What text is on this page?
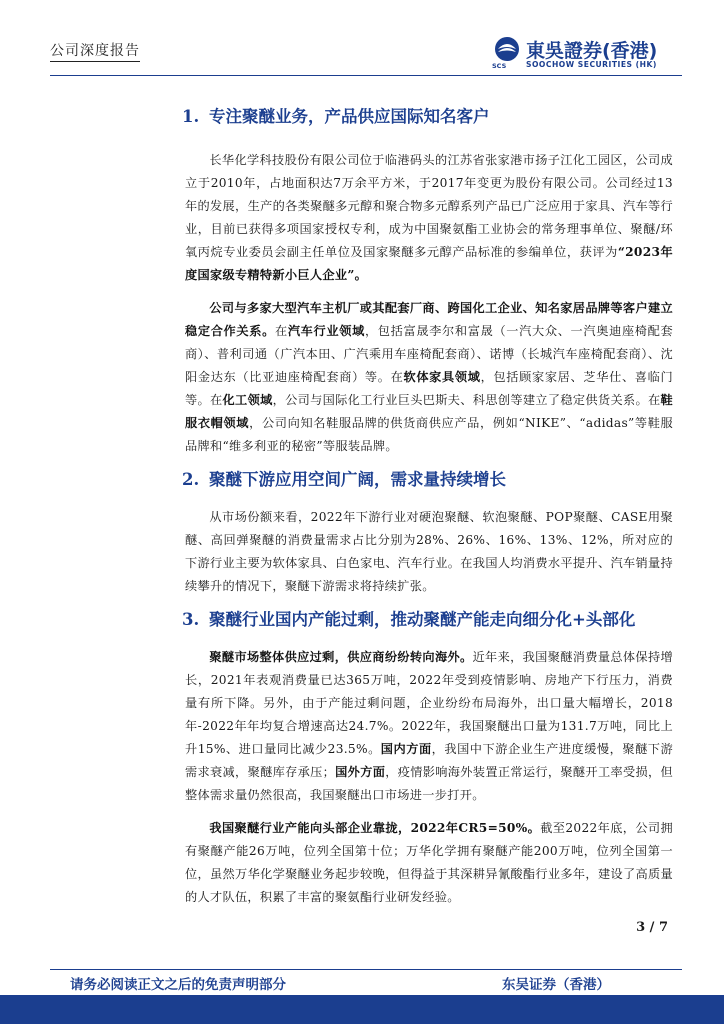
公司深度报告
SCS
東吳證券(香港)
SOOCHOW SECURITIES (HK)
1. 专注聚醚业务，产品供应国际知名客户

长华化学科技股份有限公司位于临港码头的江苏省张家港市扬子江化工园区，公司成立于2010年，占地面积达7万余平方米，于2017年变更为股份有限公司。公司经过13年的发展，生产的各类聚醚多元醇和聚合物多元醇系列产品已广泛应用于家具、汽车等行业，目前已获得多项国家授权专利，成为中国聚氨酯工业协会的常务理事单位、聚醚/环氧丙烷专业委员会副主任单位及国家聚醚多元醇产品标准的参编单位，获评为“2023年度国家级专精特新小巨人企业”。

公司与多家大型汽车主机厂或其配套厂商、跨国化工企业、知名家居品牌等客户建立稳定合作关系。在汽车行业领域，包括富晟李尔和富晟（一汽大众、一汽奥迪座椅配套商）、普利司通（广汽本田、广汽乘用车座椅配套商）、诺博（长城汽车座椅配套商）、沈阳金达东（比亚迪座椅配套商）等。在软体家具领域，包括顾家家居、芝华仕、喜临门等。在化工领域，公司与国际化工行业巨头巴斯夫、科思创等建立了稳定供货关系。在鞋服衣帽领域，公司向知名鞋服品牌的供货商供应产品，例如“NIKE”、“adidas”等鞋服品牌和“维多利亚的秘密”等服装品牌。

2. 聚醚下游应用空间广阔，需求量持续增长

从市场份额来看，2022年下游行业对硬泡聚醚、软泡聚醚、POP聚醚、CASE用聚醚、高回弹聚醚的消费量需求占比分别为28%、26%、16%、13%、12%，所对应的下游行业主要为软体家具、白色家电、汽车行业。在我国人均消费水平提升、汽车销量持续攀升的情况下，聚醚下游需求将持续扩张。

3. 聚醚行业国内产能过剩，推动聚醚产能走向细分化+头部化

聚醚市场整体供应过剩，供应商纷纷转向海外。近年来，我国聚醚消费量总体保持增长，2021年表观消费量已达365万吨，2022年受到疫情影响、房地产下行压力，消费量有所下降。另外，由于产能过剩问题，企业纷纷布局海外，出口量大幅增长，2018年-2022年年均复合增速高达24.7%。2022年，我国聚醚出口量为131.7万吨，同比上升15%、进口量同比减少23.5%。国内方面，我国中下游企业生产进度缓慢，聚醚下游需求衰减，聚醚库存承压；国外方面，疫情影响海外装置正常运行，聚醚开工率受损，但整体需求量仍然很高，我国聚醚出口市场进一步打开。

我国聚醚行业产能向头部企业靠拢，2022年CR5=50%。截至2022年底，公司拥有聚醚产能26万吨，位列全国第十位；万华化学拥有聚醚产能200万吨，位列全国第一位，虽然万华化学聚醚业务起步较晚，但得益于其深耕异氰酸酯行业多年，建设了高质量的人才队伍，积累了丰富的聚氨酯行业研发经验。

3 / 7
请务必阅读正文之后的免责声明部分	东吴证券（香港）
